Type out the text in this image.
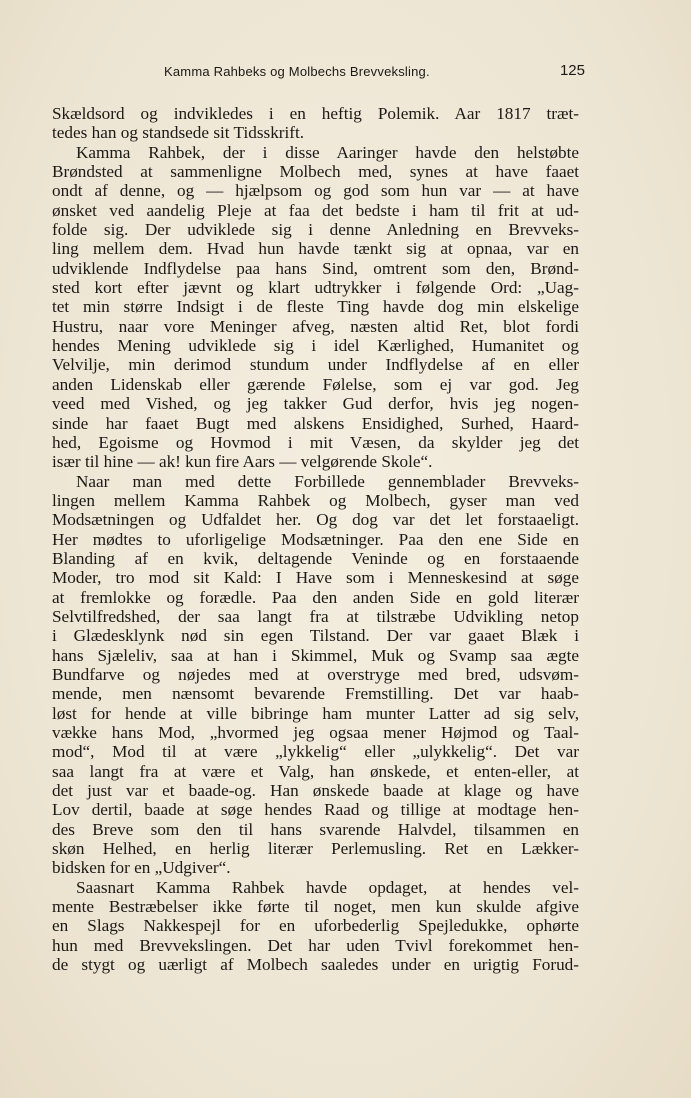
Kamma Rahbeks og Molbechs Brevveksling.	125
Skældsord og indvikledes i en heftig Polemik. Aar 1817 træt-
tedes han og standsede sit Tidsskrift.
Kamma Rahbek, der i disse Aaringer havde den helstøbte
Brøndsted at sammenligne Molbech med, synes at have faaet
ondt af denne, og — hjælpsom og god som hun var — at have
ønsket ved aandelig Pleje at faa det bedste i ham til frit at ud-
folde sig. Der udviklede sig i denne Anledning en Brevveks-
ling mellem dem. Hvad hun havde tænkt sig at opnaa, var en
udviklende Indflydelse paa hans Sind, omtrent som den, Brønd-
sted kort efter jævnt og klart udtrykker i følgende Ord: „Uag-
tet min større Indsigt i de fleste Ting havde dog min elskelige
Hustru, naar vore Meninger afveg, næsten altid Ret, blot fordi
hendes Mening udviklede sig i idel Kærlighed, Humanitet og
Velvilje, min derimod stundum under Indflydelse af en eller
anden Lidenskab eller gærende Følelse, som ej var god. Jeg
veed med Vished, og jeg takker Gud derfor, hvis jeg nogen-
sinde har faaet Bugt med alskens Ensidighed, Surhed, Haard-
hed, Egoisme og Hovmod i mit Væsen, da skylder jeg det
især til hine — ak! kun fire Aars — velgørende Skole“.
Naar man med dette Forbillede gennemblader Brevveks-
lingen mellem Kamma Rahbek og Molbech, gyser man ved
Modsætningen og Udfaldet her. Og dog var det let forstaaeligt.
Her mødtes to uforligelige Modsætninger. Paa den ene Side en
Blanding af en kvik, deltagende Veninde og en forstaaende
Moder, tro mod sit Kald: I Have som i Menneskesind at søge
at fremlokke og forædle. Paa den anden Side en gold literær
Selvtilfredshed, der saa langt fra at tilstræbe Udvikling netop
i Glædesklynk nød sin egen Tilstand. Der var gaaet Blæk i
hans Sjæleliv, saa at han i Skimmel, Muk og Svamp saa ægte
Bundfarve og nøjedes med at overstryge med bred, udsvøm-
mende, men nænsomt bevarende Fremstilling. Det var haab-
løst for hende at ville bibringe ham munter Latter ad sig selv,
vække hans Mod, „hvormed jeg ogsaa mener Højmod og Taal-
mod“, Mod til at være „lykkelig“ eller „ulykkelig“. Det var
saa langt fra at være et Valg, han ønskede, et enten-eller, at
det just var et baade-og. Han ønskede baade at klage og have
Lov dertil, baade at søge hendes Raad og tillige at modtage hen-
des Breve som den til hans svarende Halvdel, tilsammen en
skøn Helhed, en herlig literær Perlemusling. Ret en Lækker-
bidsken for en „Udgiver“.
Saasnart Kamma Rahbek havde opdaget, at hendes vel-
mente Bestræbelser ikke førte til noget, men kun skulde afgive
en Slags Nakkespejl for en uforbederlig Spejledukke, ophørte
hun med Brevvekslingen. Det har uden Tvivl forekommet hen-
de stygt og uærligt af Molbech saaledes under en urigtig Forud-
